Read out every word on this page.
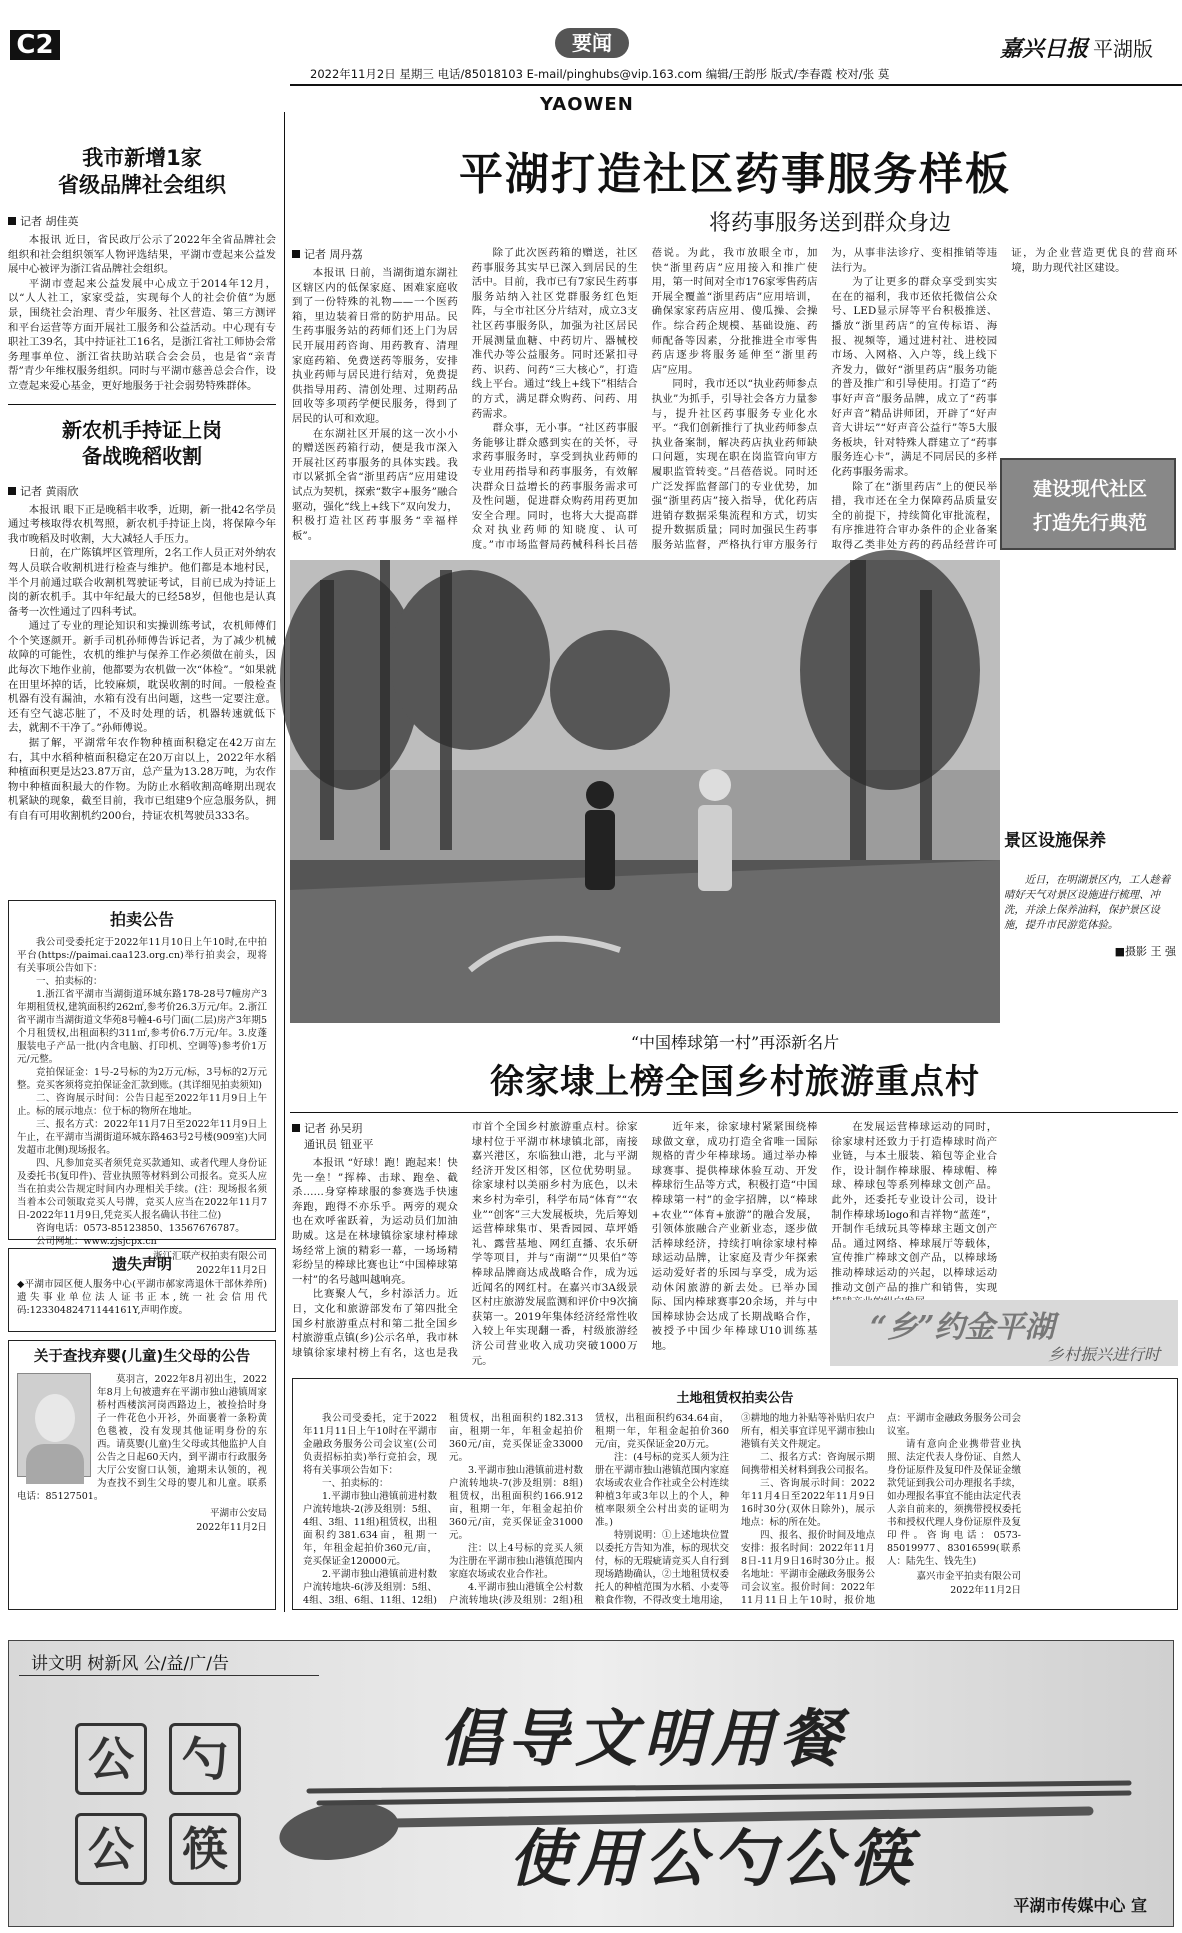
C2	要闻	嘉兴日报 平湖版
2022年11月2日 星期三 电话/85018103 E-mail/pinghubs@vip.163.com 编辑/王韵彤 版式/李春霞 校对/张 莫
YAOWEN
我市新增1家
省级品牌社会组织
记者 胡佳英

本报讯 近日，省民政厅公示了2022年全省品牌社会组织和社会组织领军人物评选结果，平湖市壹起来公益发展中心被评为浙江省品牌社会组织。

平湖市壹起来公益发展中心成立于2014年12月，以“人人社工，家家受益，实现每个人的社会价值”为愿景，围绕社会治理、青少年服务、社区营造、第三方测评和平台运营等方面开展社工服务和公益活动。中心现有专职社工39名，其中持证社工16名，是浙江省社工师协会常务理事单位、浙江省扶助站联合会会员，也是省“亲青帮”青少年维权服务组织。同时与平湖市慈善总会合作，设立壹起来爱心基金，更好地服务于社会弱势特殊群体。

新农机手持证上岗
备战晚稻收割
记者 黄雨欣

本报讯 眼下正是晚稻丰收季，近期，新一批42名学员通过考核取得农机驾照，新农机手持证上岗，将保障今年我市晚稻及时收割，大大减轻人手压力。

日前，在广陈镇坪区管理所，2名工作人员正对外纳农驾人员联合收割机进行检查与维护。他们都是本地村民，半个月前通过联合收割机驾驶证考试，目前已成为持证上岗的新农机手。其中年纪最大的已经58岁，但他也是认真备考一次性通过了四科考试。

通过了专业的理论知识和实操训练考试，农机师傅们个个笑逐颜开。新手司机孙师傅告诉记者，为了减少机械故障的可能性，农机的维护与保养工作必须做在前头，因此每次下地作业前，他都要为农机做一次“体检”。“如果就在田里坏掉的话，比较麻烦，耽误收割的时间。一般检查机器有没有漏油，水箱有没有出问题，这些一定要注意。还有空气滤芯脏了，不及时处理的话，机器转速就低下去，就割不干净了。”孙师傅说。

据了解，平湖常年农作物种植面积稳定在42万亩左右，其中水稻种植面积稳定在20万亩以上，2022年水稻种植面积更是达23.87万亩，总产量为13.28万吨，为农作物中种植面积最大的作物。为防止水稻收割高峰期出现农机紧缺的现象，截至目前，我市已组建9个应急服务队，拥有自有可用收割机约200台，持证农机驾驶员333名。

拍卖公告

我公司受委托定于2022年11月10日上午10时,在中拍平台(https://paimai.caa123.org.cn)举行拍卖会，现将有关事项公告如下：

一、拍卖标的：

1.浙江省平湖市当湖街道环城东路178-28号7幢房产3年期租赁权,建筑面积约262㎡,参考价26.3万元/年。2.浙江省平湖市当湖街道文华苑8号幢4-6号门面(二层)房产3年期5个月租赁权,出租面积约311㎡,参考价6.7万元/年。3.皮蓬服装电子产品一批(内含电脑、打印机、空调等)参考价1万元/元整。

竞拍保证金：1号-2号标的为2万元/标，3号标的2万元整。竞买客须将竞拍保证金汇款到账。(其详细见拍卖须知)

二、咨询展示时间：公告日起至2022年11月9日上午止。标的展示地点：位于标的物所在地址。

三、报名方式：2022年11月7日至2022年11月9日上午止，在平湖市当湖街道环城东路463号2号楼(909室)大同发超市北侧)现场报名。

四、凡参加竞买者须凭竞买款通知、或者代理人身份证及委托书(复印件)、营业执照等材料到公司报名。竞买人应当在拍卖公告规定时间内办理相关手续。(注：现场报名须当着本公司领取竞买人号牌，竞买人应当在2022年11月7日-2022年11月9日,凭竞买人报名确认书往二位)

咨询电话：0573-85123850、13567676787。

公司网址：www.zjsjcpx.cn

浙江汇联产权拍卖有限公司
2022年11月2日
遗失声明

◆平湖市园区便人服务中心(平湖市郝家湾退休干部休养所)遗失事业单位法人证书正本,统一社会信用代码:12330482471144161Y,声明作废。

关于查找弃婴(儿童)生父母的公告

莫羽言，2022年8月初出生，2022年8月上旬被遗弃在平湖市独山港镇周家桥村西楼滨河岗西路边上，被捡拾时身子一件花色小开衫，外面裹着一条粉黄色毯被，没有发现其他证明身份的东西。请莫婴(儿童)生父母或其他监护人自公告之日起60天内，到平湖市行政服务大厅公安窗口认领，逾期未认领的，视为查找不到生父母的婴儿和儿童。联系电话：85127501。

平湖市公安局
2022年11月2日
平湖打造社区药事服务样板
将药事服务送到群众身边
记者 周丹荔

本报讯 日前，当湖街道东湖社区辖区内的低保家庭、困难家庭收到了一份特殊的礼物——一个医药箱，里边装着日常的防护用品。民生药事服务站的药师们还上门为居民开展用药咨询、用药教育、清理家庭药箱、免费送药等服务，安排执业药师与居民进行结对，免费提供指导用药、清创处理、过期药品回收等多项药学便民服务，得到了居民的认可和欢迎。

在东湖社区开展的这一次小小的赠送医药箱行动，便是我市深入开展社区药事服务的具体实践。我市以紧抓全省“浙里药店”应用建设试点为契机，探索“数字+服务”融合驱动，强化“线上+线下”双向发力，积极打造社区药事服务“幸福样板”。

除了此次医药箱的赠送，社区药事服务其实早已深入到居民的生活中。目前，我市已有7家民生药事服务站纳入社区党群服务红色矩阵，与全市社区分片结对，成立3支社区药事服务队，加强为社区居民开展测量血糖、中药切片、器械校准代办等公益服务。同时还紧扣寻药、识药、问药“三大核心”，打造线上平台。通过“线上+线下”相结合的方式，满足群众购药、问药、用药需求。

群众事，无小事。“社区药事服务能够让群众感到实在的关怀，寻求药事服务时，享受到执业药师的专业用药指导和药事服务，有效解决群众日益增长的药事服务需求可及性问题，促进群众购药用药更加安全合理。同时，也将大大提高群众对执业药师的知晓度、认可度。”市市场监督局药械科科长吕蓓蓓说。为此，我市放眼全市，加快“浙里药店”应用接入和推广使用，第一时间对全市176家零售药店开展全覆盖“浙里药店”应用培训，确保家家药店应用、傻瓜操、会操作。综合药企规模、基础设施、药师配备等因素，分批推进全市零售药店逐步将服务延伸至“浙里药店”应用。

同时，我市还以“执业药师参点执业”为抓手，引导社会各方力量参与，提升社区药事服务专业化水平。“我们创新推行了执业药师参点执业备案制，解决药店执业药师缺口问题，实现在职在岗监管向审方履职监管转变。”吕蓓蓓说。同时还广泛发挥监督部门的专业优势，加强“浙里药店”接入指导，优化药店进销存数据采集流程和方式，切实提升数据质量；同时加强民生药事服务站监督，严格执行审方服务行为，从事非法诊疗、变相推销等违法行为。

为了让更多的群众享受到实实在在的福利，我市还依托微信公众号、LED显示屏等平台积极推送、播放“浙里药店”的宣传标语、海报、视频等，通过进村社、进校园市场、入网格、入户等，线上线下齐发力，做好“浙里药店”服务功能的普及推广和引导使用。打造了“药事好声音”服务品牌，成立了“药事好声音”精品讲师团，开辟了“好声音大讲坛”“好声音公益行”等5大服务板块，针对特殊人群建立了“药事服务连心卡”，满足不同居民的多样化药事服务需求。

除了在“浙里药店”上的便民举措，我市还在全力保障药品质量安全的前提下，持续简化审批流程，有序推进符合审办条件的企业备案取得乙类非处方药的药品经营许可证，为企业营造更优良的营商环境，助力现代社区建设。

建设现代社区
打造先行典范
景区设施保养
近日，在明湖景区内，工人趁着晴好天气对景区设施进行梳理、冲洗，并涂上保养油料，保护景区设施，提升市民游览体验。
■摄影 王 强
“中国棒球第一村”再添新名片
徐家埭上榜全国乡村旅游重点村
记者 孙吴玥
通讯员 钮亚平

本报讯 “好球！跑！跑起来！快先一垒！”挥棒、击球、跑垒、截杀……身穿棒球服的参赛选手快速奔跑，跑得不亦乐乎。两旁的观众也在欢呼雀跃着，为运动员们加油助威。这是在林埭镇徐家埭村棒球场经常上演的精彩一幕，一场场精彩纷呈的棒球比赛也让“中国棒球第一村”的名号越叫越响亮。

比赛聚人气，乡村添活力。近日，文化和旅游部发布了第四批全国乡村旅游重点村和第二批全国乡村旅游重点镇(乡)公示名单，我市林埭镇徐家埭村榜上有名，这也是我市首个全国乡村旅游重点村。徐家埭村位于平湖市林埭镇北部，南接嘉兴港区，东临独山港，北与平湖经济开发区相邻，区位优势明显。徐家埭村以美丽乡村为底色，以未来乡村为牵引，科学布局“体育”“农业”“创客”三大发展板块，先后筹划运营棒球集市、果香园园、草坪婚礼、露营基地、网红直播、农乐研学等项目，并与“南湖”“贝果伯”等棒球品牌商达成战略合作，成为远近闻名的网红村。在嘉兴市3A级景区村庄旅游发展监测和评价中9次摘获第一。2019年集体经济经常性收入较上年实现翻一番，村级旅游经济公司营业收入成功突破1000万元。

近年来，徐家埭村紧紧围绕棒球做文章，成功打造全省唯一国际规格的青少年棒球场。通过举办棒球赛事、提供棒球体验互动、开发棒球衍生品等方式，积极打造“中国棒球第一村”的金字招牌，以“棒球+农业”“体育+旅游”的融合发展，引领体旅融合产业新业态，逐步做活棒球经济，持续打响徐家埭村棒球运动品牌，让家庭及青少年探索运动爱好者的乐园与享受，成为运动休闲旅游的新去处。已举办国际、国内棒球赛事20余场，并与中国棒球协会达成了长期战略合作，被授予中国少年棒球U10训练基地。

在发展运营棒球运动的同时，徐家埭村还致力于打造棒球时尚产业链，与本土服装、箱包等企业合作，设计制作棒球服、棒球帽、棒球、棒球包等系列棒球文创产品。此外，还委托专业设计公司，设计制作棒球场logo和吉祥物“蓝莲”，开制作毛绒玩具等棒球主题文创产品。通过网络、棒球展厅等载体，宣传推广棒球文创产品，以棒球场推动棒球运动的兴起，以棒球运动推动文创产品的推广和销售，实现

“乡”约金平湖
乡村振兴进行时
土地租赁权拍卖公告

我公司受委托，定于2022年11月11日上午10时在平湖市金融政务服务公司会议室(公司负责招标拍卖)举行竞拍会，现将有关事项公告如下：

一、拍卖标的：

1.平湖市独山港镇前进村数户流转地块-2(涉及组别：5组、4组、3组、11组)租赁权，出租面积约381.634亩，租期一年，年租金起拍价360元/亩，竞买保证金120000元。

2.平湖市独山港镇前进村数户流转地块-6(涉及组别：5组、4组、3组、6组、11组、12组)租赁权，出租面积约182.313亩，租期一年，年租金起拍价360元/亩，竞买保证金33000元。

3.平湖市独山港镇前进村数户流转地块-7(涉及组别：8组)租赁权，出租面积约166.912亩，租期一年，年租金起拍价360元/亩，竞买保证金31000元。

注：以上4号标的竞买人须为注册在平湖市独山港镇范围内家庭农场或农业合作社。

4.平湖市独山港镇全公村数户流转地块(涉及组别：2组)租赁权，出租面积约634.64亩，租期一年，年租金起拍价360元/亩，竞买保证金20万元。

注：(4号标的竞买人须为注册在平湖市独山港镇范围内家庭农场或农业合作社或全公村连续种植3年或3年以上的个人，种植率限须全公村出卖的证明为准。)

特别说明：①上述地块位置以委托方告知为准，标的现状交付，标的无瑕疵请竞买人自行到现场踏勘确认，②土地租赁权委托人的种植范围为水稻、小麦等粮食作物，不得改变土地用途，③耕地的地力补贴等补贴归农户所有，相关事宜详见平湖市独山港镇有关文件规定。

二、报名方式：咨询展示期间携带相关材料到我公司报名。

三、咨询展示时间：2022年11月4日至2022年11月9日16时30分(双休日除外)，展示地点：标的所在处。

四、报名、报价时间及地点安排：报名时间：2022年11月8日-11月9日16时30分止。报名地址：平湖市金融政务服务公司会议室。报价时间：2022年11月11日上午10时，报价地点：平湖市金融政务服务公司会议室。

请有意向企业携带营业执照、法定代表人身份证、自然人身份证原件及复印件及保证金缴款凭证到我公司办理报名手续，如办理报名事宜不能由法定代表人亲自前来的，须携带授权委托书和授权代理人身份证原件及复印件。咨询电话：0573-85019977、83016599(联系人：陆先生、钱先生)

嘉兴市金平拍卖有限公司
2022年11月2日
讲文明 树新风 公/益/广/告
公 勺
公 筷
倡导文明用餐
使用公勺公筷
平湖市传媒中心 宣
